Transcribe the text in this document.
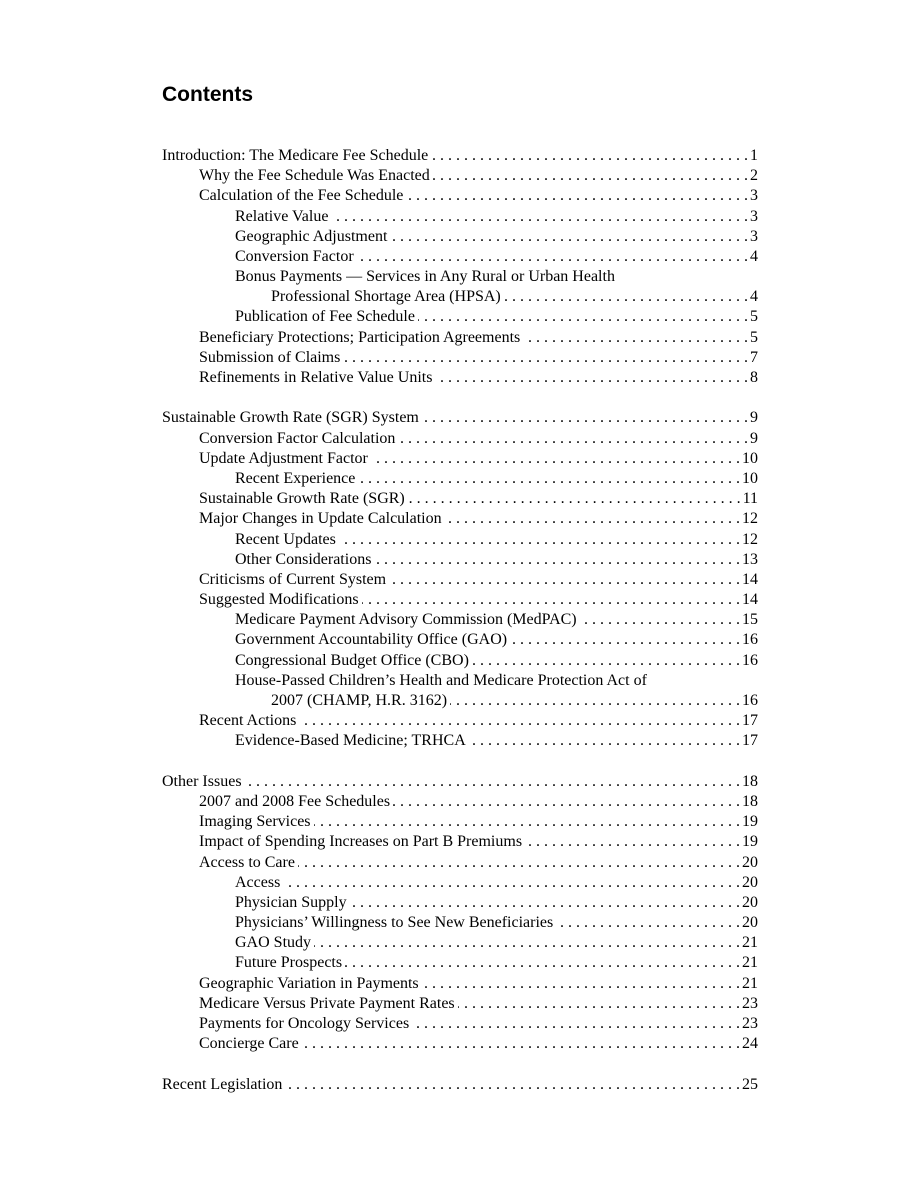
Contents
Introduction: The Medicare Fee Schedule . . .	1
Why the Fee Schedule Was Enacted . . .	2
Calculation of the Fee Schedule . . .	3
Relative Value . . .	3
Geographic Adjustment . . .	3
Conversion Factor . . .	4
Bonus Payments — Services in Any Rural or Urban Health
Professional Shortage Area (HPSA) . . .	4
Publication of Fee Schedule . . .	5
Beneficiary Protections; Participation Agreements . . .	5
Submission of Claims . . .	7
Refinements in Relative Value Units . . .	8
Sustainable Growth Rate (SGR) System . . .	9
Conversion Factor Calculation . . .	9
Update Adjustment Factor . . .	10
Recent Experience . . .	10
Sustainable Growth Rate (SGR) . . .	11
Major Changes in Update Calculation . . .	12
Recent Updates . . .	12
Other Considerations . . .	13
Criticisms of Current System . . .	14
Suggested Modifications . . .	14
Medicare Payment Advisory Commission (MedPAC) . . .	15
Government Accountability Office (GAO) . . .	16
Congressional Budget Office (CBO) . . .	16
House-Passed Children’s Health and Medicare Protection Act of
2007 (CHAMP, H.R. 3162) . . .	16
Recent Actions . . .	17
Evidence-Based Medicine; TRHCA . . .	17
Other Issues . . .	18
2007 and 2008 Fee Schedules . . .	18
Imaging Services . . .	19
Impact of Spending Increases on Part B Premiums . . .	19
Access to Care . . .	20
Access . . .	20
Physician Supply . . .	20
Physicians’ Willingness to See New Beneficiaries . . .	20
GAO Study . . .	21
Future Prospects . . .	21
Geographic Variation in Payments . . .	21
Medicare Versus Private Payment Rates . . .	23
Payments for Oncology Services . . .	23
Concierge Care . . .	24
Recent Legislation . . .	25
